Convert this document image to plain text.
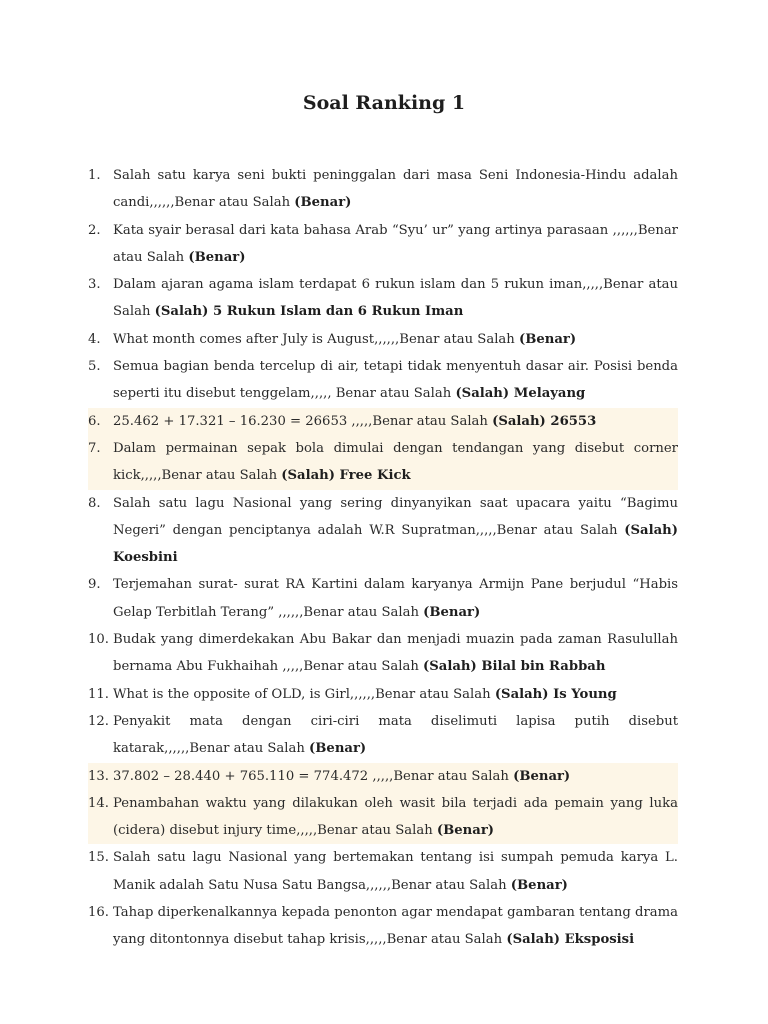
Soal Ranking 1
1. Salah satu karya seni bukti peninggalan dari masa Seni Indonesia-Hindu adalah candi,,,,,,Benar atau Salah (Benar)
2. Kata syair berasal dari kata bahasa Arab “Syu’ ur” yang artinya parasaan ,,,,,,Benar atau Salah (Benar)
3. Dalam ajaran agama islam terdapat 6 rukun islam dan 5 rukun iman,,,,,Benar atau Salah (Salah) 5 Rukun Islam dan 6 Rukun Iman
4. What month comes after July is August,,,,,,Benar atau Salah (Benar)
5. Semua bagian benda tercelup di air, tetapi tidak menyentuh dasar air. Posisi benda seperti itu disebut tenggelam,,,,, Benar atau Salah (Salah) Melayang
6. 25.462 + 17.321 – 16.230 = 26653 ,,,,,Benar atau Salah (Salah) 26553
7. Dalam permainan sepak bola dimulai dengan tendangan yang disebut corner kick,,,,,Benar atau Salah (Salah) Free Kick
8. Salah satu lagu Nasional yang sering dinyanyikan saat upacara yaitu “Bagimu Negeri” dengan penciptanya adalah W.R Supratman,,,,,Benar atau Salah (Salah) Koesbini
9. Terjemahan surat- surat RA Kartini dalam karyanya Armijn Pane berjudul “Habis Gelap Terbitlah Terang” ,,,,,,Benar atau Salah (Benar)
10. Budak yang dimerdekakan Abu Bakar dan menjadi muazin pada zaman Rasulullah bernama Abu Fukhaihah ,,,,,Benar atau Salah (Salah) Bilal bin Rabbah
11. What is the opposite of OLD, is Girl,,,,,,Benar atau Salah (Salah) Is Young
12. Penyakit mata dengan ciri-ciri mata diselimuti lapisa putih disebut katarak,,,,,,Benar atau Salah (Benar)
13. 37.802 – 28.440 + 765.110 = 774.472 ,,,,,Benar atau Salah (Benar)
14. Penambahan waktu yang dilakukan oleh wasit bila terjadi ada pemain yang luka (cidera) disebut injury time,,,,,Benar atau Salah (Benar)
15. Salah satu lagu Nasional yang bertemakan tentang isi sumpah pemuda karya L. Manik adalah Satu Nusa Satu Bangsa,,,,,,Benar atau Salah (Benar)
16. Tahap diperkenalkannya kepada penonton agar mendapat gambaran tentang drama yang ditontonnya disebut tahap krisis,,,,,Benar atau Salah (Salah) Eksposisi
